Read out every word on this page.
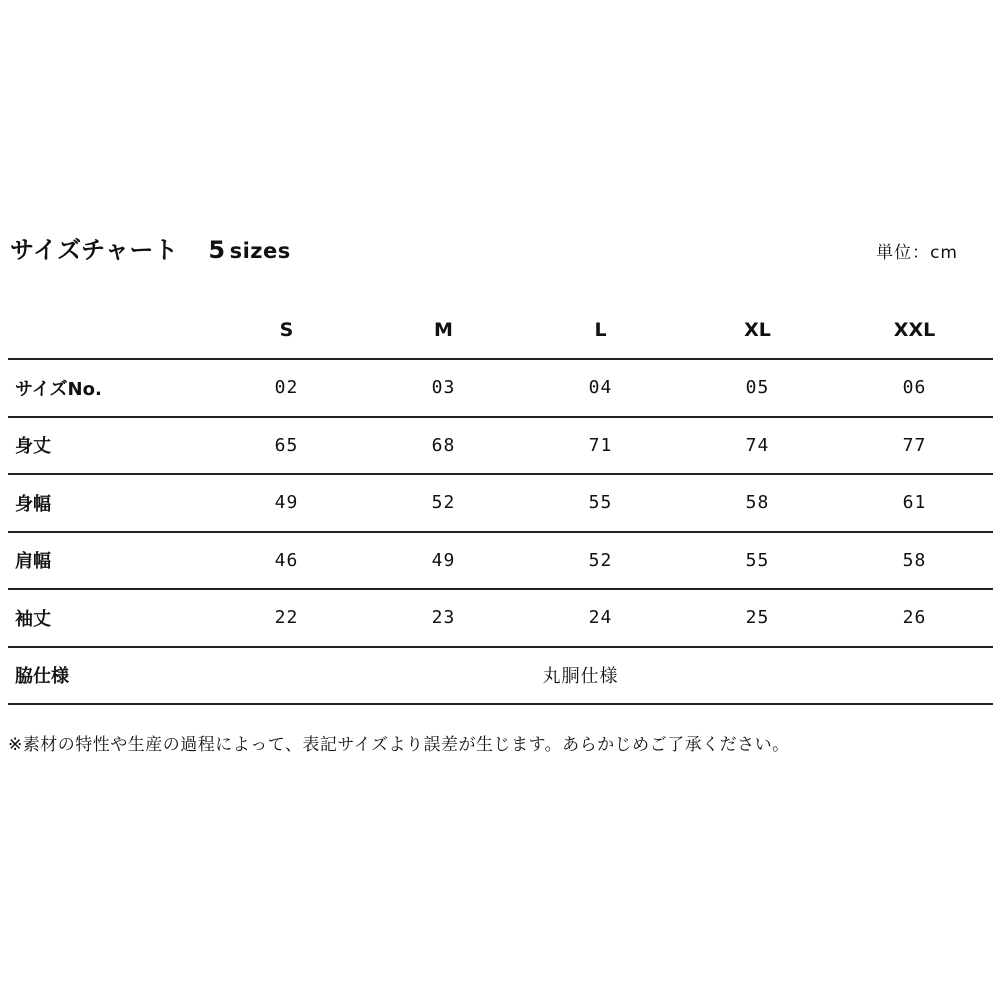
サイズチャート 5 sizes	単位：cm
	S	M	L	XL	XXL
サイズNo.	02	03	04	05	06
身丈	65	68	71	74	77
身幅	49	52	55	58	61
肩幅	46	49	52	55	58
袖丈	22	23	24	25	26
脇仕様	丸胴仕様				
※素材の特性や生産の過程によって、表記サイズより誤差が生じます。あらかじめご了承ください。
